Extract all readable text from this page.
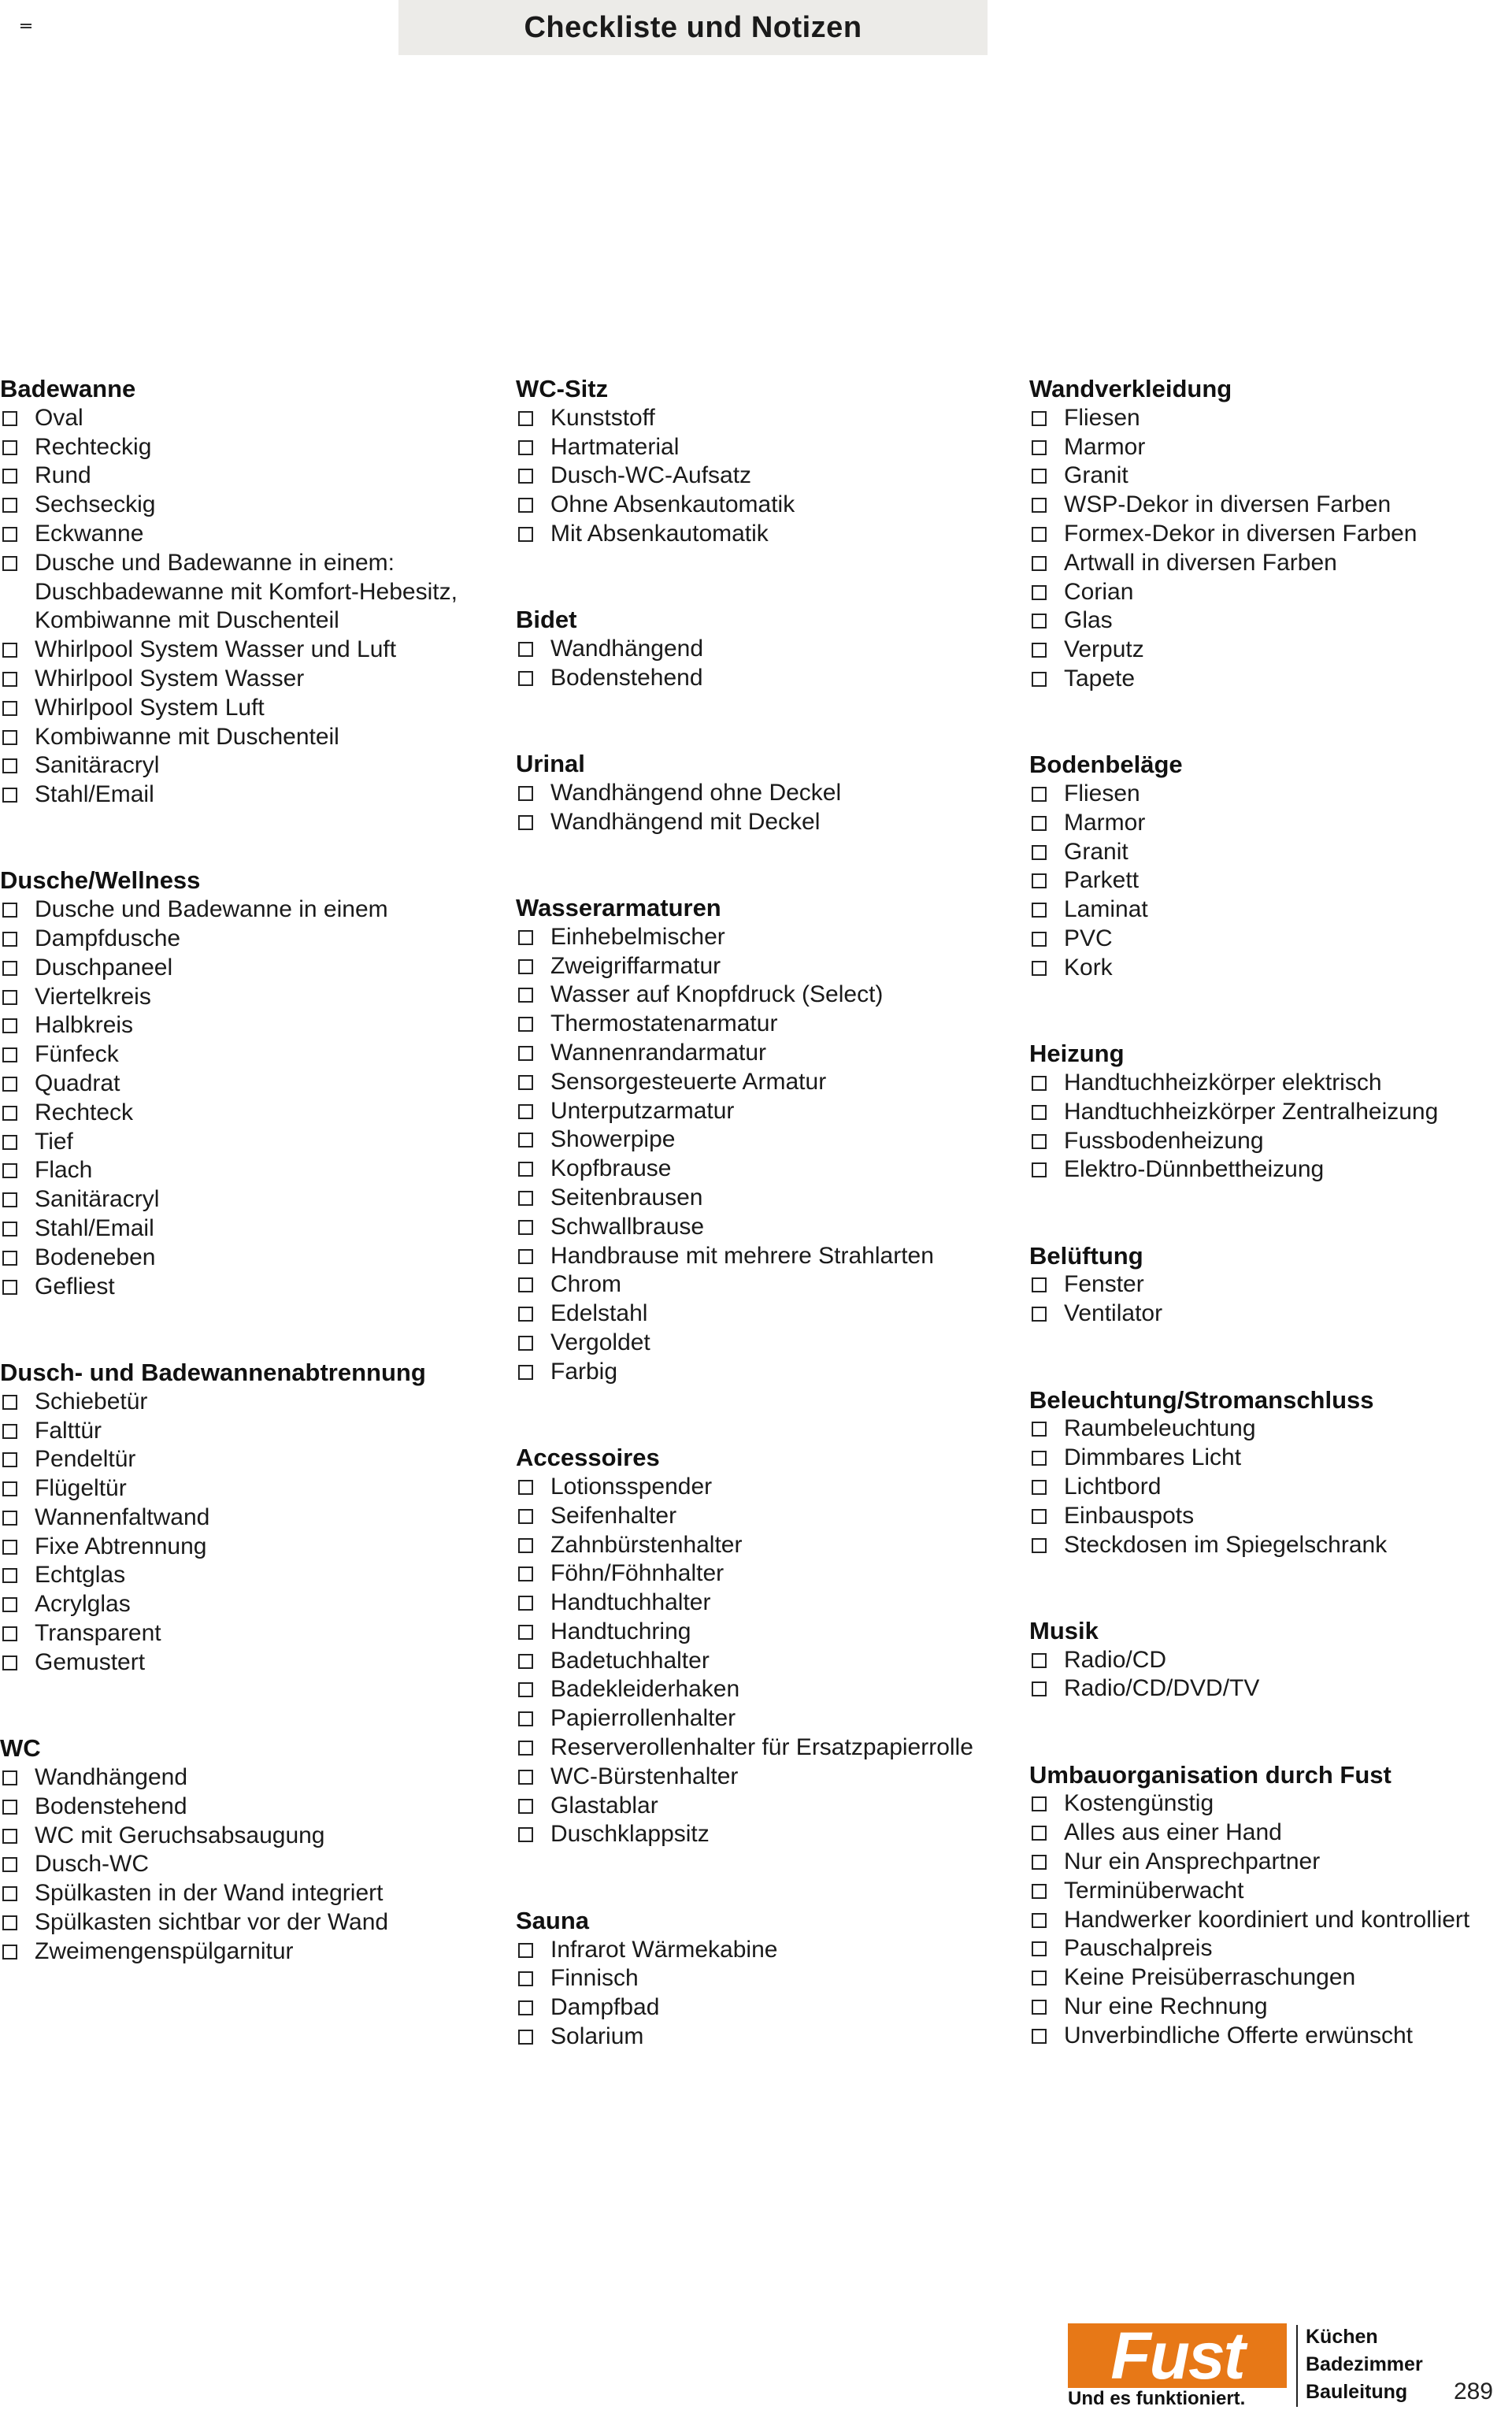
Checkliste und Notizen
Badewanne
Oval
Rechteckig
Rund
Sechseckig
Eckwanne
Dusche und Badewanne in einem:
Duschbadewanne mit Komfort-Hebesitz,
Kombiwanne mit Duschenteil
Whirlpool System Wasser und Luft
Whirlpool System Wasser
Whirlpool System Luft
Kombiwanne mit Duschenteil
Sanitäracryl
Stahl/Email
Dusche/Wellness
Dusche und Badewanne in einem
Dampfdusche
Duschpaneel
Viertelkreis
Halbkreis
Fünfeck
Quadrat
Rechteck
Tief
Flach
Sanitäracryl
Stahl/Email
Bodeneben
Gefliest
Dusch- und Badewannenabtrennung
Schiebetür
Falttür
Pendeltür
Flügeltür
Wannenfaltwand
Fixe Abtrennung
Echtglas
Acrylglas
Transparent
Gemustert
WC
Wandhängend
Bodenstehend
WC mit Geruchsabsaugung
Dusch-WC
Spülkasten in der Wand integriert
Spülkasten sichtbar vor der Wand
Zweimengenspülgarnitur
WC-Sitz
Kunststoff
Hartmaterial
Dusch-WC-Aufsatz
Ohne Absenkautomatik
Mit Absenkautomatik
Bidet
Wandhängend
Bodenstehend
Urinal
Wandhängend ohne Deckel
Wandhängend mit Deckel
Wasserarmaturen
Einhebelmischer
Zweigriffarmatur
Wasser auf Knopfdruck (Select)
Thermostatenarmatur
Wannenrandarmatur
Sensorgesteuerte Armatur
Unterputzarmatur
Showerpipe
Kopfbrause
Seitenbrausen
Schwallbrause
Handbrause mit mehrere Strahlarten
Chrom
Edelstahl
Vergoldet
Farbig
Accessoires
Lotionsspender
Seifenhalter
Zahnbürstenhalter
Föhn/Föhnhalter
Handtuchhalter
Handtuchring
Badetuchhalter
Badekleiderhaken
Papierrollenhalter
Reserverollenhalter für Ersatzpapierrolle
WC-Bürstenhalter
Glastablar
Duschklappsitz
Sauna
Infrarot Wärmekabine
Finnisch
Dampfbad
Solarium
Wandverkleidung
Fliesen
Marmor
Granit
WSP-Dekor in diversen Farben
Formex-Dekor in diversen Farben
Artwall in diversen Farben
Corian
Glas
Verputz
Tapete
Bodenbeläge
Fliesen
Marmor
Granit
Parkett
Laminat
PVC
Kork
Heizung
Handtuchheizkörper elektrisch
Handtuchheizkörper Zentralheizung
Fussbodenheizung
Elektro-Dünnbettheizung
Belüftung
Fenster
Ventilator
Beleuchtung/Stromanschluss
Raumbeleuchtung
Dimmbares Licht
Lichtbord
Einbauspots
Steckdosen im Spiegelschrank
Musik
Radio/CD
Radio/CD/DVD/TV
Umbauorganisation durch Fust
Kostengünstig
Alles aus einer Hand
Nur ein Ansprechpartner
Terminüberwacht
Handwerker koordiniert und kontrolliert
Pauschalpreis
Keine Preisüberraschungen
Nur eine Rechnung
Unverbindliche Offerte erwünscht
Fust
Und es funktioniert.
Küchen
Badezimmer
Bauleitung	289
